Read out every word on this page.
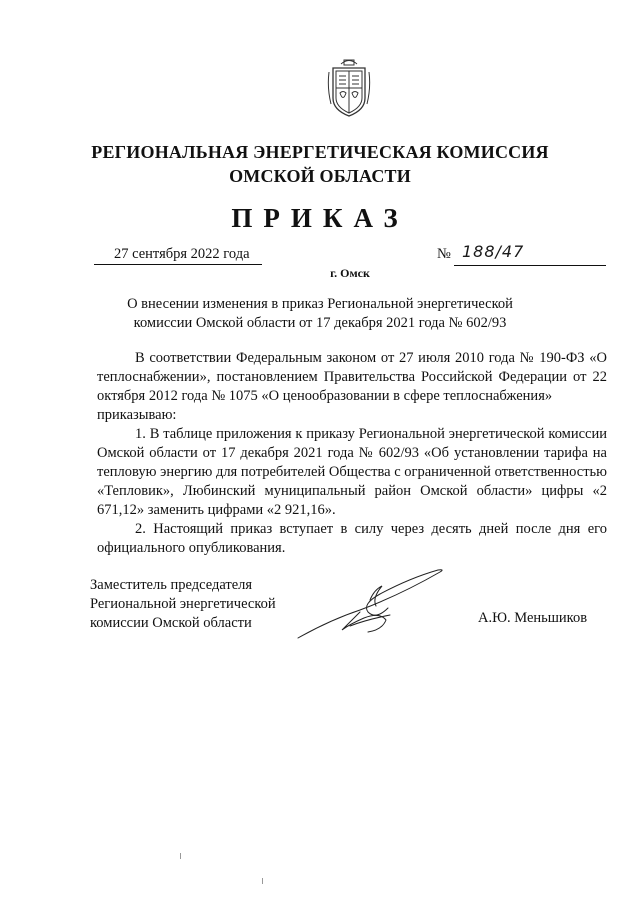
РЕГИОНАЛЬНАЯ ЭНЕРГЕТИЧЕСКАЯ КОМИССИЯ
ОМСКОЙ ОБЛАСТИ
ПРИКАЗ
27 сентября 2022 года	№ 188/47
г. Омск
О внесении изменения в приказ Региональной энергетической
комиссии Омской области от 17 декабря 2021 года № 602/93

В соответствии Федеральным законом от 27 июля 2010 года № 190-ФЗ «О теплоснабжении», постановлением Правительства Российской Федерации от 22 октября 2012 года № 1075 «О ценообразовании в сфере теплоснабжения»

приказываю:

1. В таблице приложения к приказу Региональной энергетической комиссии Омской области от 17 декабря 2021 года № 602/93 «Об установлении тарифа на тепловую энергию для потребителей Общества с ограниченной ответственностью «Тепловик», Любинский муниципальный район Омской области» цифры «2 671,12» заменить цифрами «2 921,16».

2. Настоящий приказ вступает в силу через десять дней после дня его официального опубликования.

Заместитель председателя
Региональной энергетической
комиссии Омской области	А.Ю. Меньшиков
